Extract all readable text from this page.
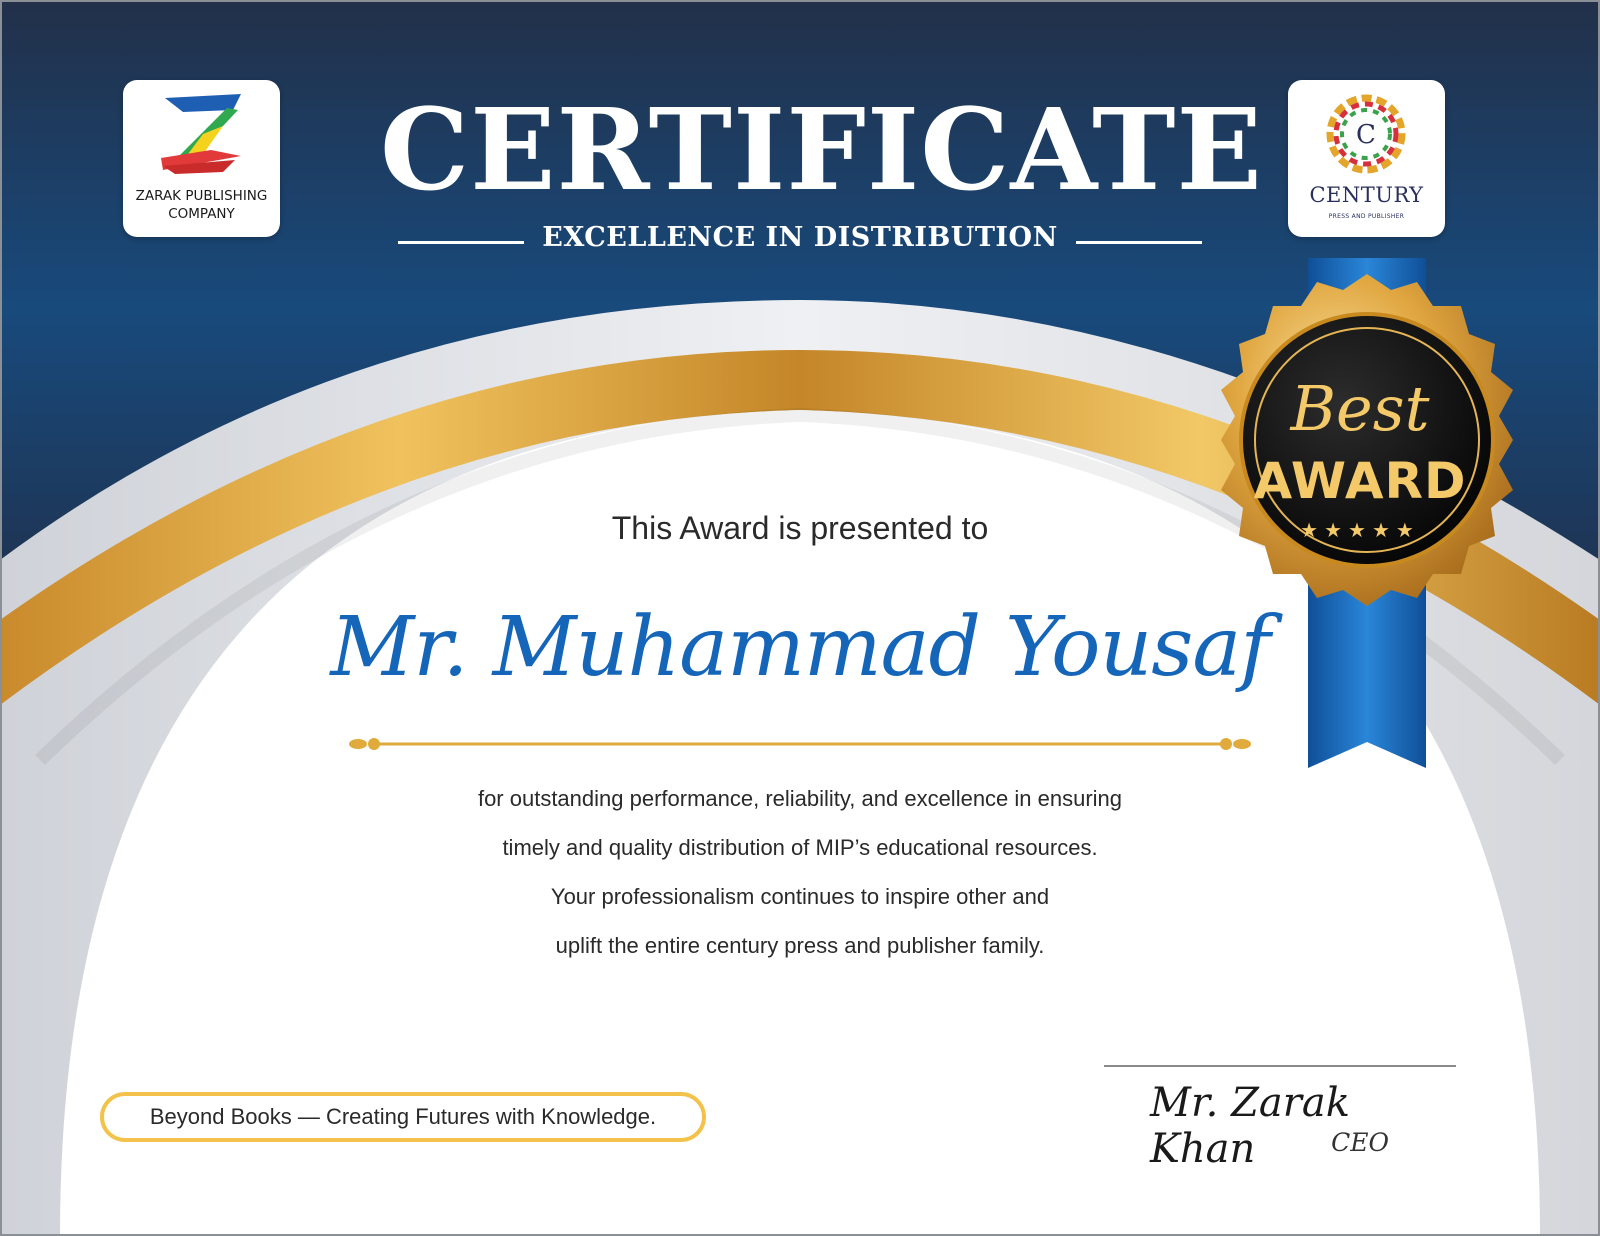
ZARAK PUBLISHING
COMPANY
C
CENTURY
PRESS AND PUBLISHER
CERTIFICATE
EXCELLENCE IN DISTRIBUTION
Best
AWARD
★★★★★
This Award is presented to
Mr. Muhammad Yousaf
for outstanding performance, reliability, and excellence in ensuring
timely and quality distribution of MIP’s educational resources.
Your professionalism continues to inspire other and
uplift the entire century press and publisher family.
Beyond Books — Creating Futures with Knowledge.	Mr. Zarak Khan	CEO
